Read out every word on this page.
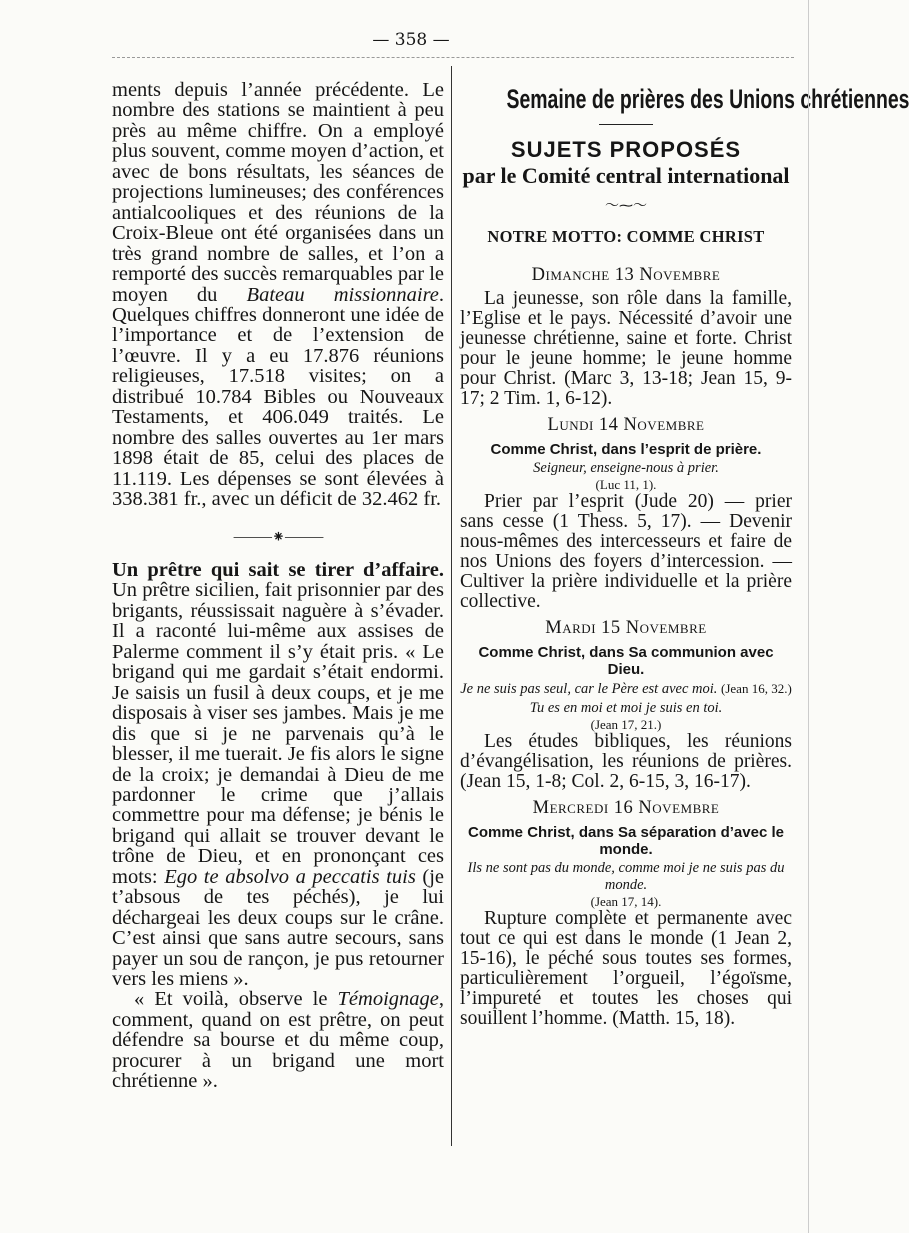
— 358 —

ments depuis l’année précédente. Le nombre des stations se maintient à peu près au même chiffre. On a employé plus souvent, comme moyen d’action, et avec de bons résultats, les séances de projections lumineuses; des conférences antialcooliques et des réunions de la Croix-Bleue ont été organisées dans un très grand nombre de salles, et l’on a remporté des succès remarquables par le moyen du Bateau missionnaire. Quelques chiffres donneront une idée de l’importance et de l’extension de l’œuvre. Il y a eu 17.876 réunions religieuses, 17.518 visites; on a distribué 10.784 Bibles ou Nouveaux Testaments, et 406.049 traités. Le nombre des salles ouvertes au 1er mars 1898 était de 85, celui des places de 11.119. Les dépenses se sont élevées à 338.381 fr., avec un déficit de 32.462 fr.

⸻⁕⸻

Un prêtre qui sait se tirer d’affaire. Un prêtre sicilien, fait prisonnier par des brigants, réussissait naguère à s’évader. Il a raconté lui-même aux assises de Palerme comment il s’y était pris. « Le brigand qui me gardait s’était endormi. Je saisis un fusil à deux coups, et je me disposais à viser ses jambes. Mais je me dis que si je ne parvenais qu’à le blesser, il me tuerait. Je fis alors le signe de la croix; je demandai à Dieu de me pardonner le crime que j’allais commettre pour ma défense; je bénis le brigand qui allait se trouver devant le trône de Dieu, et en prononçant ces mots: Ego te absolvo a peccatis tuis (je t’absous de tes péchés), je lui déchargeai les deux coups sur le crâne. C’est ainsi que sans autre secours, sans payer un sou de rançon, je pus retourner vers les miens ».

« Et voilà, observe le Témoignage, comment, quand on est prêtre, on peut défendre sa bourse et du même coup, procurer à un brigand une mort chrétienne ».

Semaine de prières des Unions chrétiennes
SUJETS PROPOSÉS
par le Comité central international
〜⁓〜
NOTRE MOTTO: COMME CHRIST
Dimanche 13 Novembre

La jeunesse, son rôle dans la famille, l’Eglise et le pays. Nécessité d’avoir une jeunesse chrétienne, saine et forte. Christ pour le jeune homme; le jeune homme pour Christ. (Marc 3, 13-18; Jean 15, 9-17; 2 Tim. 1, 6-12).

Lundi 14 Novembre
Comme Christ, dans l’esprit de prière.
Seigneur, enseigne-nous à prier.
(Luc 11, 1).

Prier par l’esprit (Jude 20) — prier sans cesse (1 Thess. 5, 17). — Devenir nous-mêmes des intercesseurs et faire de nos Unions des foyers d’intercession. — Cultiver la prière individuelle et la prière collective.

Mardi 15 Novembre
Comme Christ, dans Sa communion avec Dieu.
Je ne suis pas seul, car le Père est avec moi. (Jean 16, 32.)
Tu es en moi et moi je suis en toi.
(Jean 17, 21.)

Les études bibliques, les réunions d’évangélisation, les réunions de prières. (Jean 15, 1-8; Col. 2, 6-15, 3, 16-17).

Mercredi 16 Novembre
Comme Christ, dans Sa séparation d’avec le monde.
Ils ne sont pas du monde, comme moi je ne suis pas du monde.
(Jean 17, 14).

Rupture complète et permanente avec tout ce qui est dans le monde (1 Jean 2, 15-16), le péché sous toutes ses formes, particulièrement l’orgueil, l’égoïsme, l’impureté et toutes les choses qui souillent l’homme. (Matth. 15, 18).
